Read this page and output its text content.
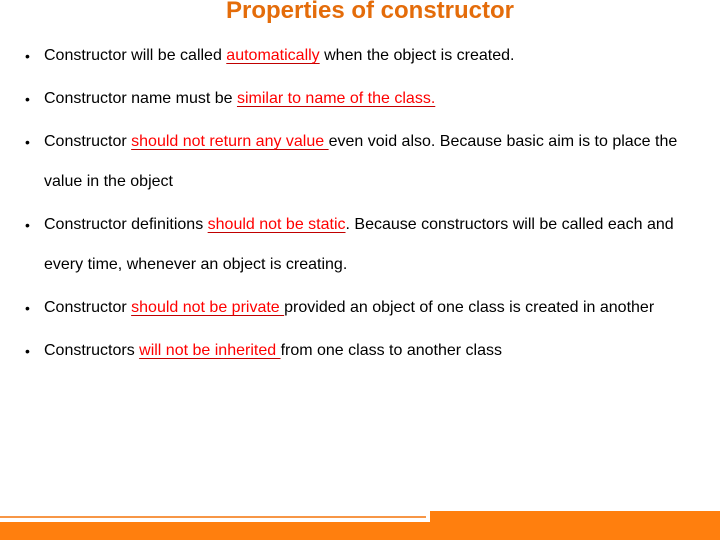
Properties of constructor
• Constructor will be called automatically when the object is created.
• Constructor name must be similar to name of the class.
• Constructor should not return any value even void also. Because basic aim is to place the value in the object
• Constructor definitions should not be static. Because constructors will be called each and every time, whenever an object is creating.
• Constructor should not be private provided an object of one class is created in another
• Constructors will not be inherited from one class to another class
